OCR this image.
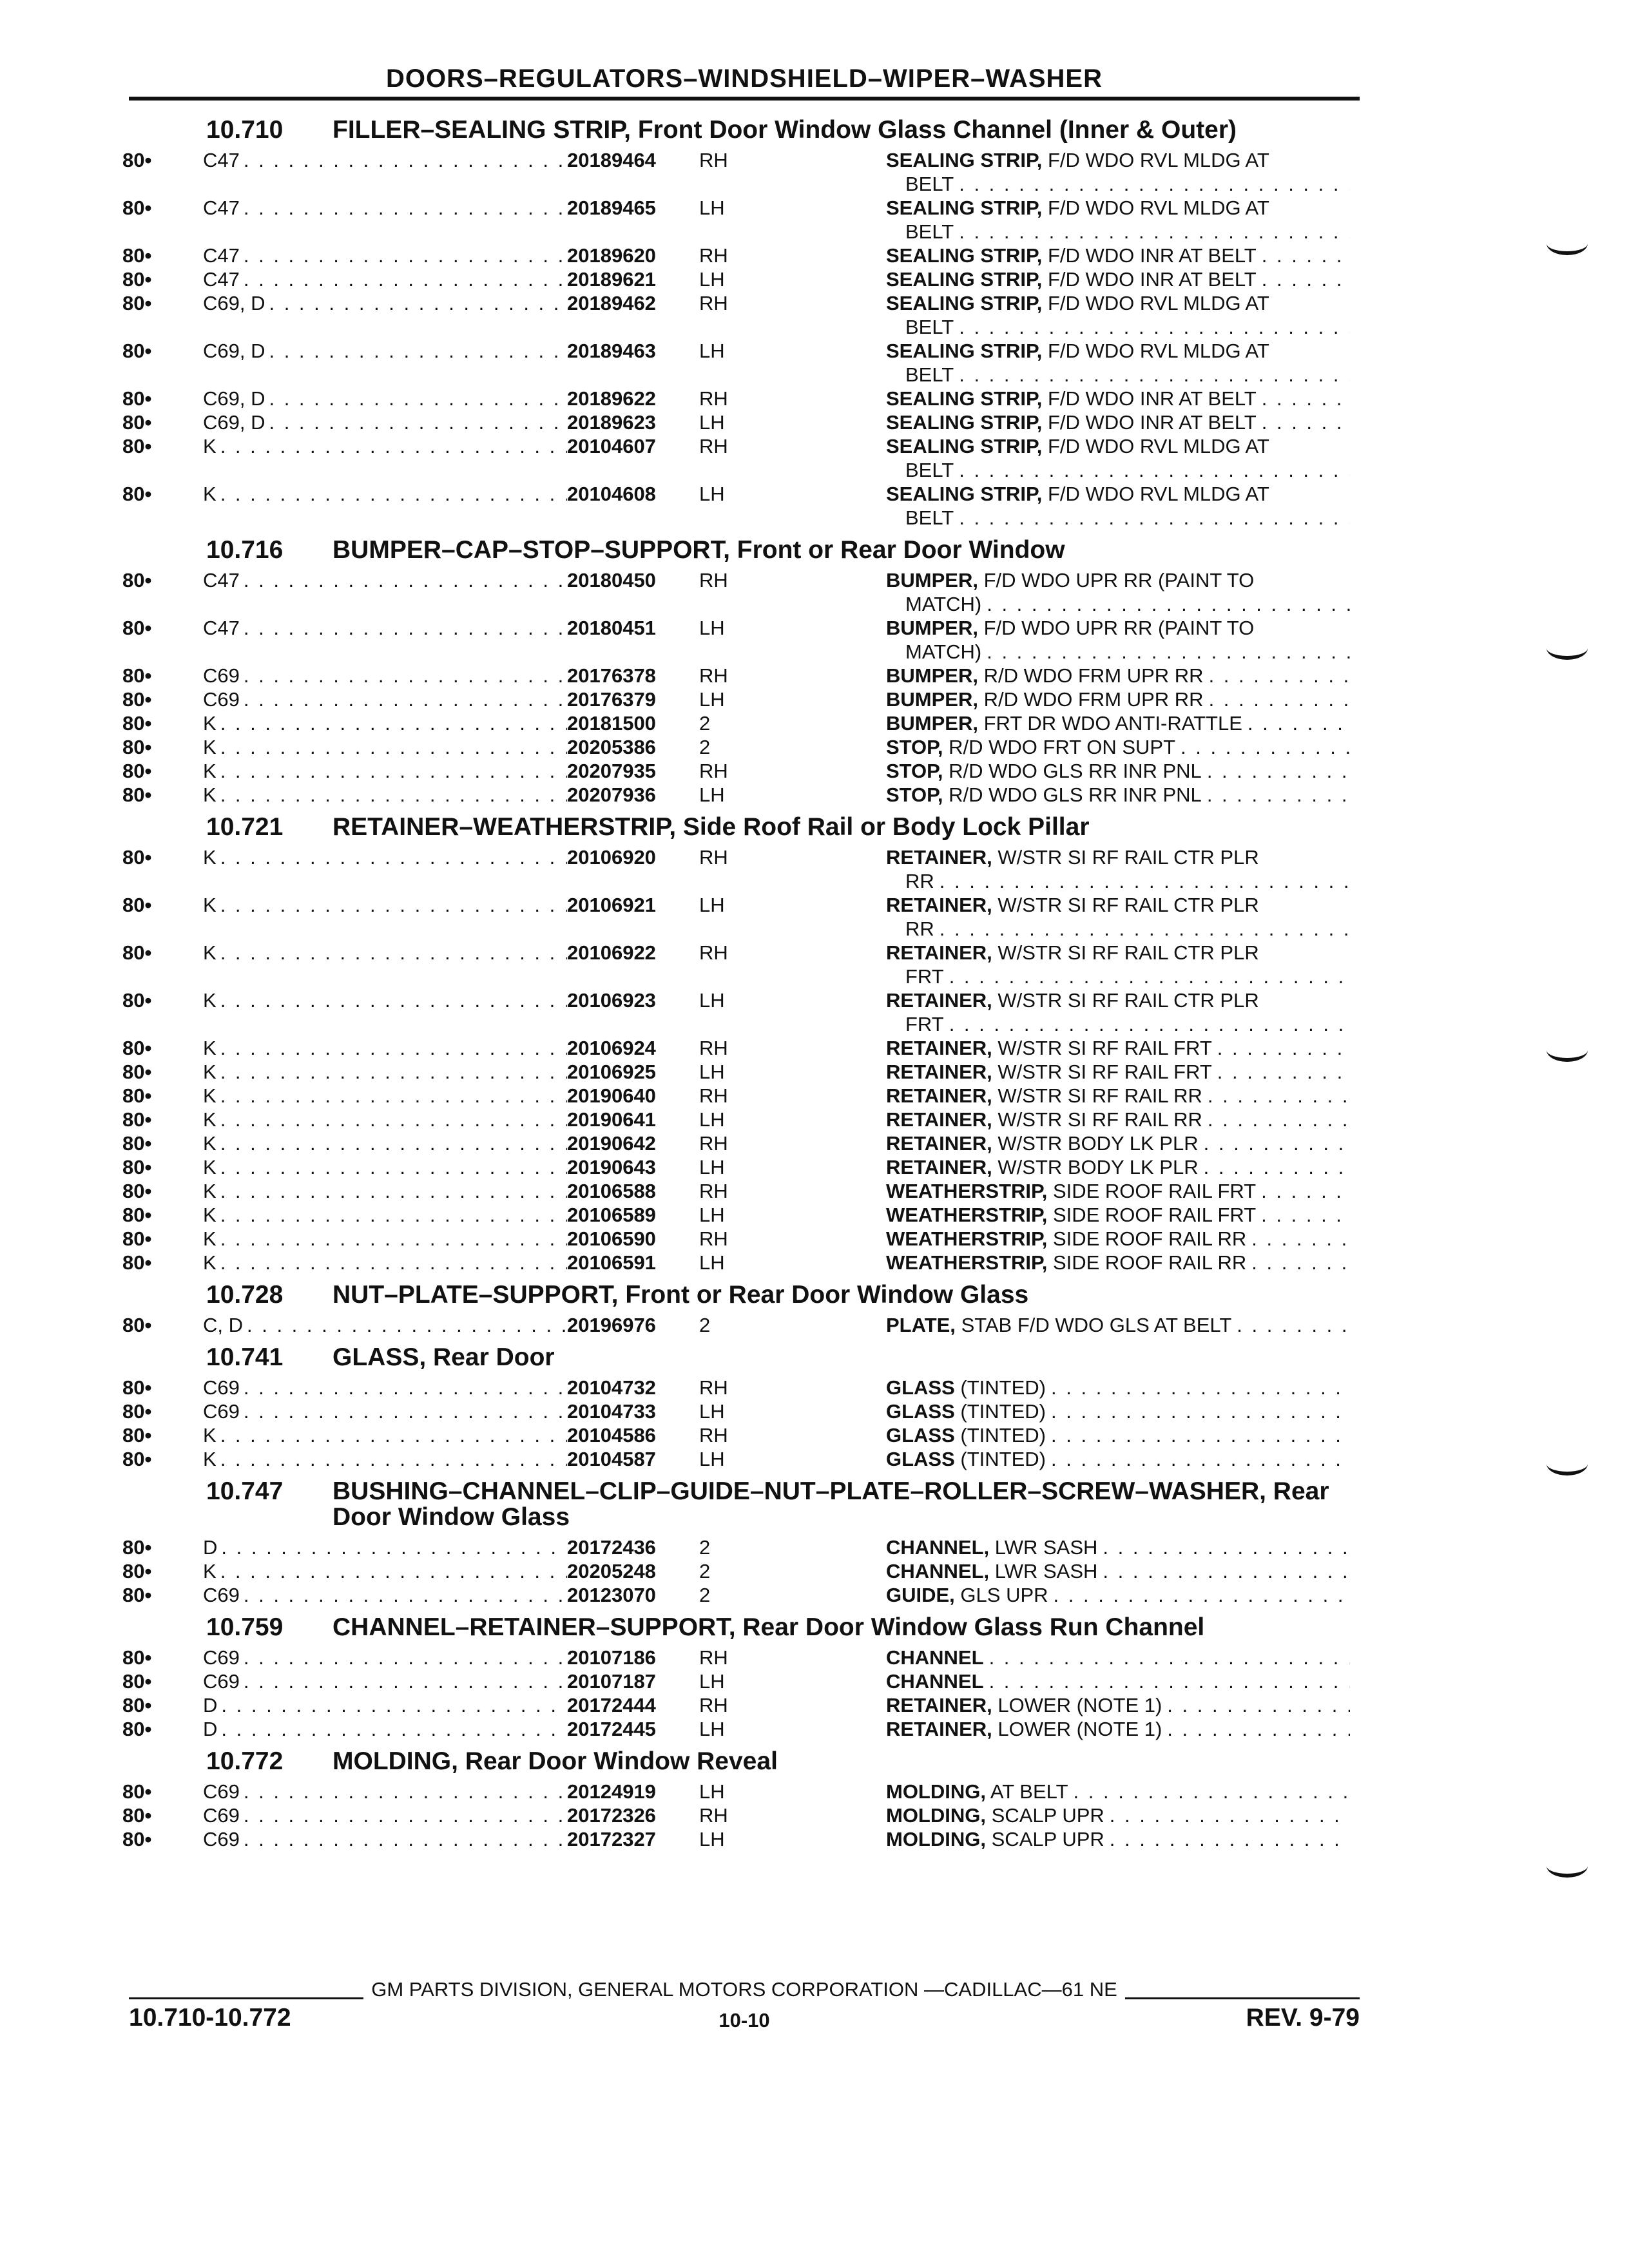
DOORS–REGULATORS–WINDSHIELD–WIPER–WASHER
10.710	FILLER–SEALING STRIP, Front Door Window Glass Channel (Inner & Outer)
80•	C47 . . .	20189464	RH	SEALING STRIP, F/D WDO RVL MLDG AT
BELT
. . .
80•	C47 . . .	20189465	LH	SEALING STRIP, F/D WDO RVL MLDG AT
BELT
. . .
80•	C47 . . .	20189620	RH	SEALING STRIP, F/D WDO INR AT BELT
. . .
80•	C47 . . .	20189621	LH	SEALING STRIP, F/D WDO INR AT BELT
. . .
80•	C69, D . . .	20189462	RH	SEALING STRIP, F/D WDO RVL MLDG AT
BELT
. . .
80•	C69, D . . .	20189463	LH	SEALING STRIP, F/D WDO RVL MLDG AT
BELT
. . .
80•	C69, D . . .	20189622	RH	SEALING STRIP, F/D WDO INR AT BELT
. . .
80•	C69, D . . .	20189623	LH	SEALING STRIP, F/D WDO INR AT BELT
. . .
80•	K . . .	20104607	RH	SEALING STRIP, F/D WDO RVL MLDG AT
BELT
. . .
80•	K . . .	20104608	LH	SEALING STRIP, F/D WDO RVL MLDG AT
BELT
. . .
10.716	BUMPER–CAP–STOP–SUPPORT, Front or Rear Door Window
80•	C47 . . .	20180450	RH	BUMPER, F/D WDO UPR RR (PAINT TO
MATCH)
. . .
80•	C47 . . .	20180451	LH	BUMPER, F/D WDO UPR RR (PAINT TO
MATCH)
. . .
80•	C69 . . .	20176378	RH	BUMPER, R/D WDO FRM UPR RR
. . .
80•	C69 . . .	20176379	LH	BUMPER, R/D WDO FRM UPR RR
. . .
80•	K . . .	20181500	2	BUMPER, FRT DR WDO ANTI-RATTLE
. . .
80•	K . . .	20205386	2	STOP, R/D WDO FRT ON SUPT
. . .
80•	K . . .	20207935	RH	STOP, R/D WDO GLS RR INR PNL
. . .
80•	K . . .	20207936	LH	STOP, R/D WDO GLS RR INR PNL
. . .
10.721	RETAINER–WEATHERSTRIP, Side Roof Rail or Body Lock Pillar
80•	K . . .	20106920	RH	RETAINER, W/STR SI RF RAIL CTR PLR
RR
. . .
80•	K . . .	20106921	LH	RETAINER, W/STR SI RF RAIL CTR PLR
RR
. . .
80•	K . . .	20106922	RH	RETAINER, W/STR SI RF RAIL CTR PLR
FRT
. . .
80•	K . . .	20106923	LH	RETAINER, W/STR SI RF RAIL CTR PLR
FRT
. . .
80•	K . . .	20106924	RH	RETAINER, W/STR SI RF RAIL FRT
. . .
80•	K . . .	20106925	LH	RETAINER, W/STR SI RF RAIL FRT
. . .
80•	K . . .	20190640	RH	RETAINER, W/STR SI RF RAIL RR
. . .
80•	K . . .	20190641	LH	RETAINER, W/STR SI RF RAIL RR
. . .
80•	K . . .	20190642	RH	RETAINER, W/STR BODY LK PLR
. . .
80•	K . . .	20190643	LH	RETAINER, W/STR BODY LK PLR
. . .
80•	K . . .	20106588	RH	WEATHERSTRIP, SIDE ROOF RAIL FRT
. . .
80•	K . . .	20106589	LH	WEATHERSTRIP, SIDE ROOF RAIL FRT
. . .
80•	K . . .	20106590	RH	WEATHERSTRIP, SIDE ROOF RAIL RR
. . .
80•	K . . .	20106591	LH	WEATHERSTRIP, SIDE ROOF RAIL RR
. . .
10.728	NUT–PLATE–SUPPORT, Front or Rear Door Window Glass
80•	C, D . . .	20196976	2	PLATE, STAB F/D WDO GLS AT BELT
. . .
10.741	GLASS, Rear Door
80•	C69 . . .	20104732	RH	GLASS (TINTED)
. . .
80•	C69 . . .	20104733	LH	GLASS (TINTED)
. . .
80•	K . . .	20104586	RH	GLASS (TINTED)
. . .
80•	K . . .	20104587	LH	GLASS (TINTED)
. . .
10.747	BUSHING–CHANNEL–CLIP–GUIDE–NUT–PLATE–ROLLER–SCREW–WASHER, Rear Door Window Glass
80•	D . . .	20172436	2	CHANNEL, LWR SASH
. . .
80•	K . . .	20205248	2	CHANNEL, LWR SASH
. . .
80•	C69 . . .	20123070	2	GUIDE, GLS UPR
. . .
10.759	CHANNEL–RETAINER–SUPPORT, Rear Door Window Glass Run Channel
80•	C69 . . .	20107186	RH	CHANNEL
. . .
80•	C69 . . .	20107187	LH	CHANNEL
. . .
80•	D . . .	20172444	RH	RETAINER, LOWER (NOTE 1)
. . .
80•	D . . .	20172445	LH	RETAINER, LOWER (NOTE 1)
. . .
10.772	MOLDING, Rear Door Window Reveal
80•	C69 . . .	20124919	LH	MOLDING, AT BELT
. . .
80•	C69 . . .	20172326	RH	MOLDING, SCALP UPR
. . .
80•	C69 . . .	20172327	LH	MOLDING, SCALP UPR
. . .
GM PARTS DIVISION, GENERAL MOTORS CORPORATION —CADILLAC—61 NE
10.710-10.772	10-10	REV. 9-79
